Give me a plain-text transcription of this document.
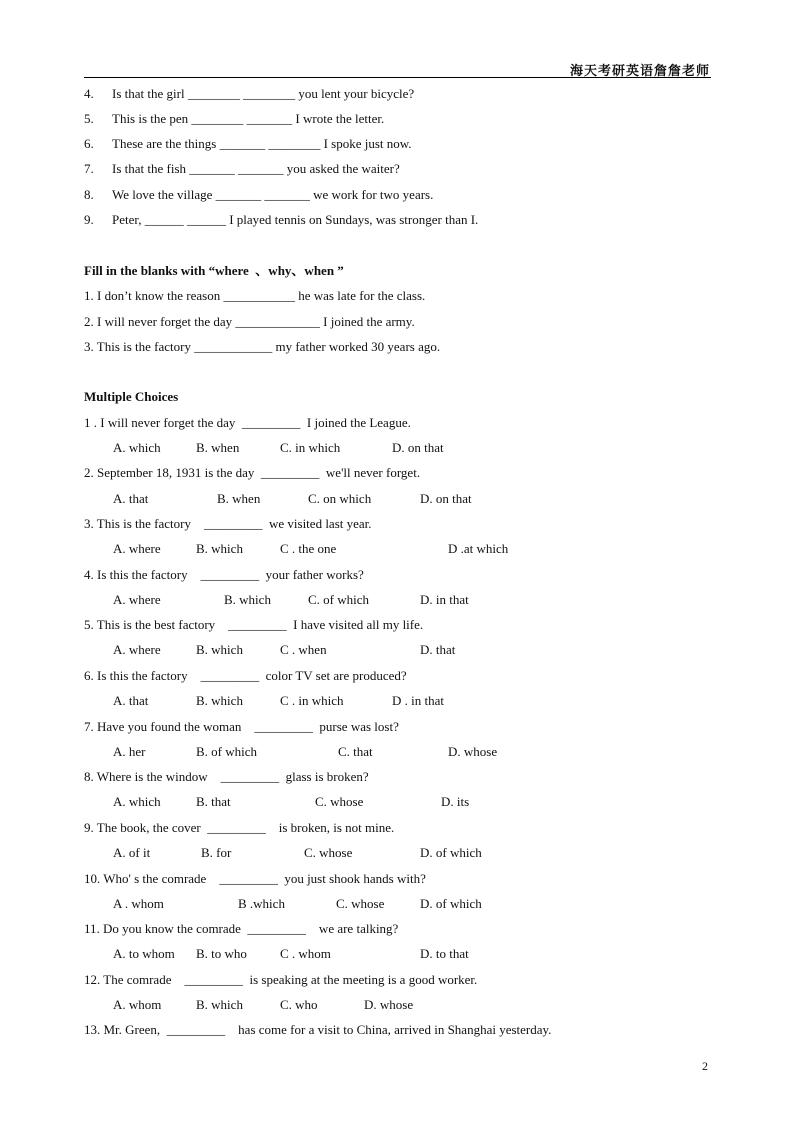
海天考研英语詹詹老师
4. Is that the girl ________ ________ you lent your bicycle?
5. This is the pen ________ _______ I wrote the letter.
6. These are the things _______ ________ I spoke just now.
7. Is that the fish _______ _______ you asked the waiter?
8. We love the village _______ _______ we work for two years.
9. Peter, ______ ______ I played tennis on Sundays, was stronger than I.
Fill in the blanks with “where  、why、when ”
1. I don’t know the reason ___________ he was late for the class.
2. I will never forget the day _____________ I joined the army.
3. This is the factory ____________ my father worked 30 years ago.
Multiple Choices
1 . I will never forget the day  _________  I joined the League.
A. which	B. when	C. in which	D. on that
2. September 18, 1931 is the day  _________  we'll never forget.
A. that	B. when	C. on which	D. on that
3. This is the factory    _________  we visited last year.
A. where	B. which	C . the one	D .at which
4. Is this the factory    _________  your father works?
A. where	B. which	C. of which	D. in that
5. This is the best factory    _________  I have visited all my life.
A. where	B. which	C . when	D. that
6. Is this the factory    _________  color TV set are produced?
A. that	B. which	C . in which	D . in that
7. Have you found the woman    _________  purse was lost?
A. her	B. of which	C. that	D. whose
8. Where is the window    _________  glass is broken?
A. which	B. that	C. whose	D. its
9. The book, the cover  _________    is broken, is not mine.
A. of it	B. for	C. whose	D. of which
10. Who' s the comrade    _________  you just shook hands with?
A . whom	B .which	C. whose	D. of which
11. Do you know the comrade  _________    we are talking?
A. to whom B. to who	C . whom	D. to that
12. The comrade    _________  is speaking at the meeting is a good worker.
A. whom	B. which	C. who	D. whose
13. Mr. Green,  _________    has come for a visit to China, arrived in Shanghai yesterday.
2
